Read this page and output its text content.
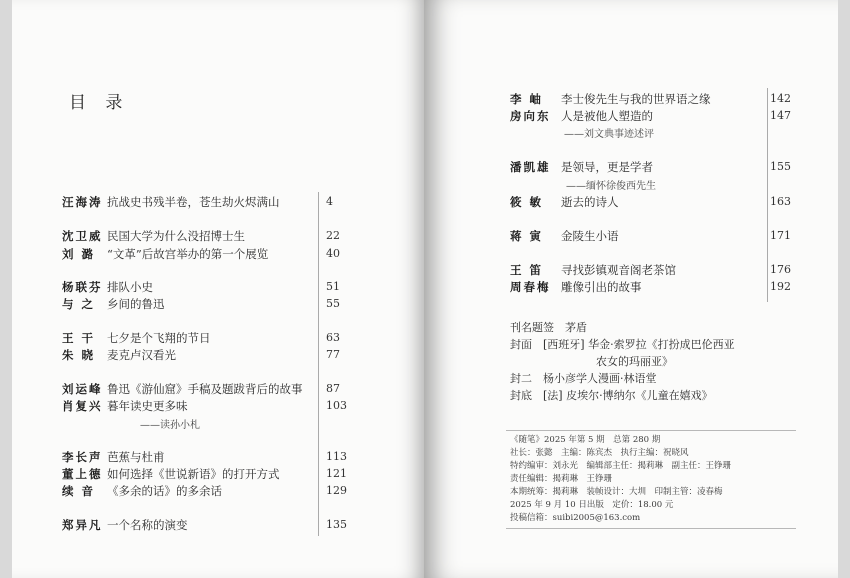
目 录
汪海涛 抗战史书残半卷，苍生劫火烬满山	4
沈卫威 民国大学为什么没招博士生	22
刘 潞 “文革”后故宫举办的第一个展览	40
杨联芬 排队小史	51
与 之 乡间的鲁迅	55
王 干 七夕是个飞翔的节日	63
朱 晓 麦克卢汉看光	77
刘运峰 鲁迅《游仙窟》手稿及题跋背后的故事 87
肖复兴 暮年读史更多味	103
——读孙小札
李长声 芭蕉与杜甫	113
董上德 如何选择《世说新语》的打开方式	121
续 音 《多余的话》的多余话	129
郑异凡 一个名称的演变	135
李 岫 李士俊先生与我的世界语之缘	142
房向东 人是被他人塑造的	147
——刘文典事迹述评
潘凯雄 是领导，更是学者	155
——缅怀徐俊西先生
筱 敏 逝去的诗人	163
蒋 寅 金陵生小语	171
王 笛 寻找彭镇观音阁老茶馆	176
周春梅 雕像引出的故事	192
刊名题签　茅盾
封面　[西班牙] 华金·索罗拉《打扮成巴伦西亚
农女的玛丽亚》
封二　杨小彦学人漫画·林语堂
封底　[法] 皮埃尔·博纳尔《儿童在嬉戏》
《随笔》2025 年第 5 期　总第 280 期
社长：张懿　主编：陈宾杰　执行主编：祝晓风
特约编审：刘永光　编辑部主任：揭莉琳　副主任：王铮珊
责任编辑：揭莉琳　王铮珊
本期统筹：揭莉琳　装帧设计：大圳　印制主管：凌春梅
2025 年 9 月 10 日出版　定价：18.00 元
投稿信箱：suibi2005@163.com
